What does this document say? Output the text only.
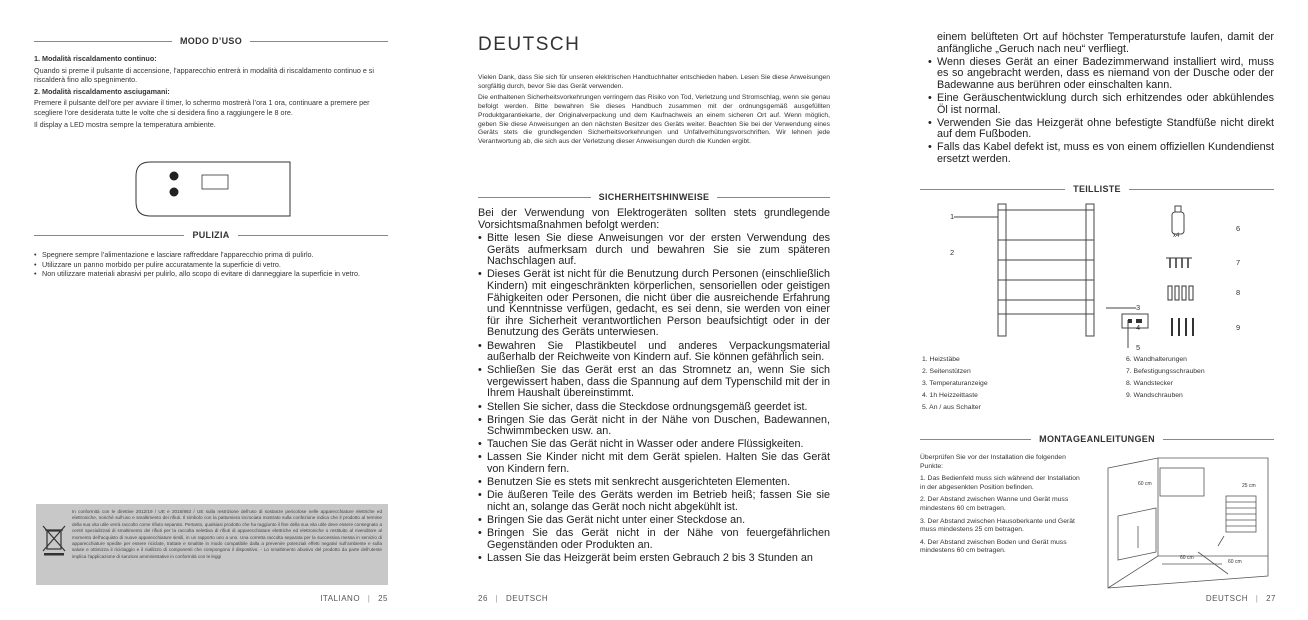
MODO D’USO

1. Modalità riscaldamento continuo:

Quando si preme il pulsante di accensione, l’apparecchio entrerà in modalità di riscaldamento continuo e si riscalderà fino allo spegnimento.

2. Modalità riscaldamento asciugamani:

Premere il pulsante dell’ore per avviare il timer, lo schermo mostrerà l’ora 1 ora, continuare a premere per scegliere l’ore desiderata tutte le volte che si desidera fino a raggiungere le 8 ore.

Il display a LED mostra sempre la temperatura ambiente.

PULIZIA
• Spegnere sempre l’alimentazione e lasciare raffreddare l’apparecchio prima di pulirlo.
• Utilizzare un panno morbido per pulire accuratamente la superficie di vetro.
• Non utilizzare materiali abrasivi per pulirlo, allo scopo di evitare di danneggiare la superficie in vetro.
In conformità con le direttive 2012/19 / UE e 2015/863 / UE sulla restrizione dell’uso di sostanze pericolose nelle apparecchiature elettriche ed elettroniche, nonché sull’uso e smaltimento dei rifiuti. Il simbolo con la pattumiera incrociata mostrato sulla confezione indica che il prodotto al termine della sua vita utile verrà raccolto come rifiuto separato. Pertanto, qualsiasi prodotto che ha raggiunto il fine della sua vita utile deve essere consegnato a centri specializzati di smaltimento dei rifiuti per la raccolta selettiva di rifiuti di apparecchiature elettriche ed elettroniche o restituito al rivenditore al momento dell’acquisto di nuove apparecchiature simili, in un rapporto uno a uno. Una corretta raccolta separata per la successiva messa in servizio di apparecchiature spedite per essere riciclate, trattate e smaltite in modo compatibile dalla a prevenire potenziali effetti negativi sull’ambiente e sulla salute e ottimizza il riciclaggio e il riutilizzo di componenti che compongono il dispositivo. - Lo smaltimento abusivo del prodotto da parte dell’utente implica l’applicazione di sanzioni amministrative in conformità con le leggi
ITALIANO | 25
DEUTSCH

Vielen Dank, dass Sie sich für unseren elektrischen Handtuchhalter entschieden haben. Lesen Sie diese Anweisungen sorgfältig durch, bevor Sie das Gerät verwenden.

Die enthaltenen Sicherheitsvorkehrungen verringern das Risiko von Tod, Verletzung und Stromschlag, wenn sie genau befolgt werden. Bitte bewahren Sie dieses Handbuch zusammen mit der ordnungsgemäß ausgefüllten Produktgarantiekarte, der Originalverpackung und dem Kaufnachweis an einem sicheren Ort auf. Wenn möglich, geben Sie diese Anweisungen an den nächsten Besitzer des Geräts weiter. Beachten Sie bei der Verwendung eines Geräts stets die grundlegenden Sicherheitsvorkehrungen und Unfallverhütungsvorschriften. Wir lehnen jede Verantwortung ab, die sich aus der Verletzung dieser Anweisungen durch die Kunden ergibt.

SICHERHEITSHINWEISE
Bei der Verwendung von Elektrogeräten sollten stets grundlegende Vorsichtsmaßnahmen befolgt werden:
• Bitte lesen Sie diese Anweisungen vor der ersten Verwendung des Geräts aufmerksam durch und bewahren Sie sie zum späteren Nachschlagen auf.
• Dieses Gerät ist nicht für die Benutzung durch Personen (einschließlich Kindern) mit eingeschränkten körperlichen, sensoriellen oder geistigen Fähigkeiten oder Personen, die nicht über die ausreichende Erfahrung und Kenntnisse verfügen, gedacht, es sei denn, sie werden von einer für ihre Sicherheit verantwortlichen Person beaufsichtigt oder in der Benutzung des Geräts unterwiesen.
• Bewahren Sie Plastikbeutel und anderes Verpackungsmaterial außerhalb der Reichweite von Kindern auf. Sie können gefährlich sein.
• Schließen Sie das Gerät erst an das Stromnetz an, wenn Sie sich vergewissert haben, dass die Spannung auf dem Typenschild mit der in Ihrem Haushalt übereinstimmt.
• Stellen Sie sicher, dass die Steckdose ordnungsgemäß geerdet ist.
• Bringen Sie das Gerät nicht in der Nähe von Duschen, Badewannen, Schwimmbecken usw. an.
• Tauchen Sie das Gerät nicht in Wasser oder andere Flüssigkeiten.
• Lassen Sie Kinder nicht mit dem Gerät spielen. Halten Sie das Gerät von Kindern fern.
• Benutzen Sie es stets mit senkrecht ausgerichteten Elementen.
• Die äußeren Teile des Geräts werden im Betrieb heiß; fassen Sie sie nicht an, solange das Gerät noch nicht abgekühlt ist.
• Bringen Sie das Gerät nicht unter einer Steckdose an.
• Bringen Sie das Gerät nicht in der Nähe von feuergefährlichen Gegenständen oder Produkten an.
• Lassen Sie das Heizgerät beim ersten Gebrauch 2 bis 3 Stunden an
26 | DEUTSCH
einem belüfteten Ort auf höchster Temperaturstufe laufen, damit der anfängliche „Geruch nach neu“ verfliegt.
• Wenn dieses Gerät an einer Badezimmerwand installiert wird, muss es so angebracht werden, dass es niemand von der Dusche oder der Badewanne aus berühren oder einschalten kann.
• Eine Geräuschentwicklung durch sich erhitzendes oder abkühlendes Öl ist normal.
• Verwenden Sie das Heizgerät ohne befestigte Standfüße nicht direkt auf dem Fußboden.
• Falls das Kabel defekt ist, muss es von einem offiziellen Kundendienst ersetzt werden.
TEILLISTE
1
2
3
4
5
6
7
8
9
x4
1. Heizstäbe
2. Seitenstützen
3. Temperaturanzeige
4. 1h Heizzeittaste
5. An / aus Schalter
6. Wandhalterungen
7. Befestigungsschrauben
8. Wandstecker
9. Wandschrauben
MONTAGEANLEITUNGEN

Überprüfen Sie vor der Installation die folgenden Punkte:

1. Das Bedienfeld muss sich während der Installation in der abgesenkten Position befinden.

2. Der Abstand zwischen Wanne und Gerät muss mindestens 60 cm betragen.

3. Der Abstand zwischen Hausoberkante und Gerät muss mindestens 25 cm betragen.

4. Der Abstand zwischen Boden und Gerät muss mindestens 60 cm betragen.

60 cm	25 cm
60 cm
60 cm
DEUTSCH | 27
